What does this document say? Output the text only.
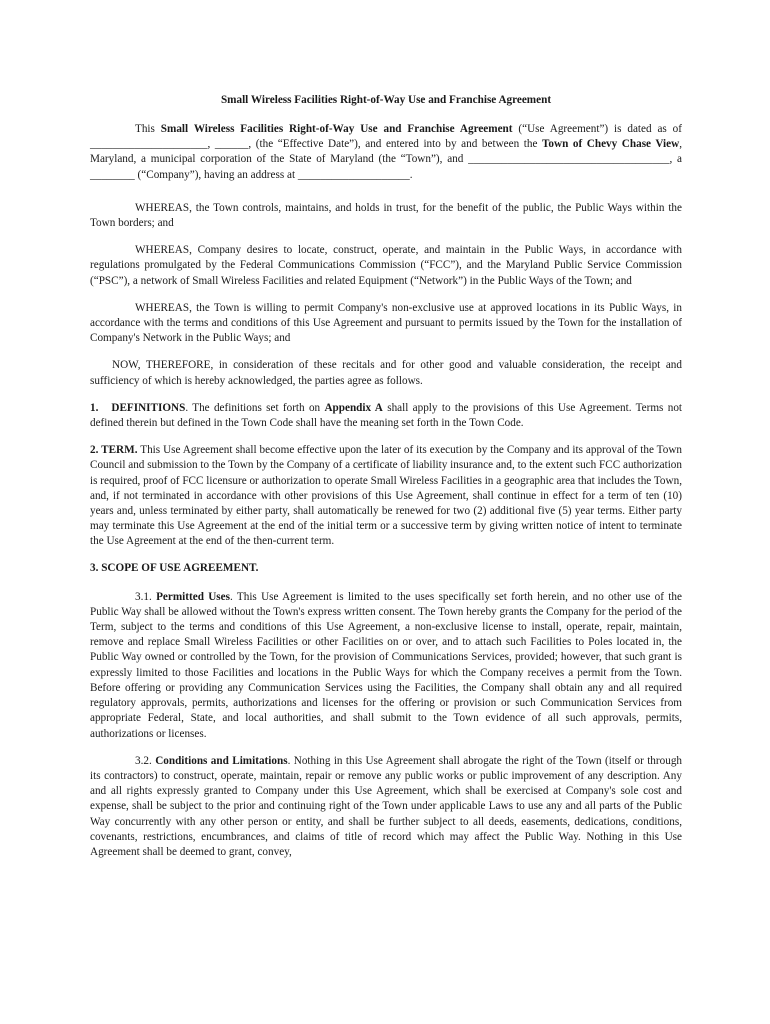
Small Wireless Facilities Right-of-Way Use and Franchise Agreement

This Small Wireless Facilities Right-of-Way Use and Franchise Agreement (“Use Agreement”) is dated as of _____________________, ______, (the “Effective Date”), and entered into by and between the Town of Chevy Chase View, Maryland, a municipal corporation of the State of Maryland (the “Town”), and ____________________________________, a ________ (“Company”), having an address at ____________________.

WHEREAS, the Town controls, maintains, and holds in trust, for the benefit of the public, the Public Ways within the Town borders; and

WHEREAS, Company desires to locate, construct, operate, and maintain in the Public Ways, in accordance with regulations promulgated by the Federal Communications Commission (“FCC”), and the Maryland Public Service Commission (“PSC”), a network of Small Wireless Facilities and related Equipment (“Network”) in the Public Ways of the Town; and

WHEREAS, the Town is willing to permit Company's non-exclusive use at approved locations in its Public Ways, in accordance with the terms and conditions of this Use Agreement and pursuant to permits issued by the Town for the installation of Company's Network in the Public Ways; and

NOW, THEREFORE, in consideration of these recitals and for other good and valuable consideration, the receipt and sufficiency of which is hereby acknowledged, the parties agree as follows.

1. DEFINITIONS. The definitions set forth on Appendix A shall apply to the provisions of this Use Agreement. Terms not defined therein but defined in the Town Code shall have the meaning set forth in the Town Code.

2. TERM. This Use Agreement shall become effective upon the later of its execution by the Company and its approval of the Town Council and submission to the Town by the Company of a certificate of liability insurance and, to the extent such FCC authorization is required, proof of FCC licensure or authorization to operate Small Wireless Facilities in a geographic area that includes the Town, and, if not terminated in accordance with other provisions of this Use Agreement, shall continue in effect for a term of ten (10) years and, unless terminated by either party, shall automatically be renewed for two (2) additional five (5) year terms. Either party may terminate this Use Agreement at the end of the initial term or a successive term by giving written notice of intent to terminate the Use Agreement at the end of the then-current term.

3. SCOPE OF USE AGREEMENT.

3.1. Permitted Uses. This Use Agreement is limited to the uses specifically set forth herein, and no other use of the Public Way shall be allowed without the Town's express written consent. The Town hereby grants the Company for the period of the Term, subject to the terms and conditions of this Use Agreement, a non-exclusive license to install, operate, repair, maintain, remove and replace Small Wireless Facilities or other Facilities on or over, and to attach such Facilities to Poles located in, the Public Way owned or controlled by the Town, for the provision of Communications Services, provided; however, that such grant is expressly limited to those Facilities and locations in the Public Ways for which the Company receives a permit from the Town. Before offering or providing any Communication Services using the Facilities, the Company shall obtain any and all required regulatory approvals, permits, authorizations and licenses for the offering or provision or such Communication Services from appropriate Federal, State, and local authorities, and shall submit to the Town evidence of all such approvals, permits, authorizations or licenses.

3.2. Conditions and Limitations. Nothing in this Use Agreement shall abrogate the right of the Town (itself or through its contractors) to construct, operate, maintain, repair or remove any public works or public improvement of any description. Any and all rights expressly granted to Company under this Use Agreement, which shall be exercised at Company's sole cost and expense, shall be subject to the prior and continuing right of the Town under applicable Laws to use any and all parts of the Public Way concurrently with any other person or entity, and shall be further subject to all deeds, easements, dedications, conditions, covenants, restrictions, encumbrances, and claims of title of record which may affect the Public Way. Nothing in this Use Agreement shall be deemed to grant, convey,
